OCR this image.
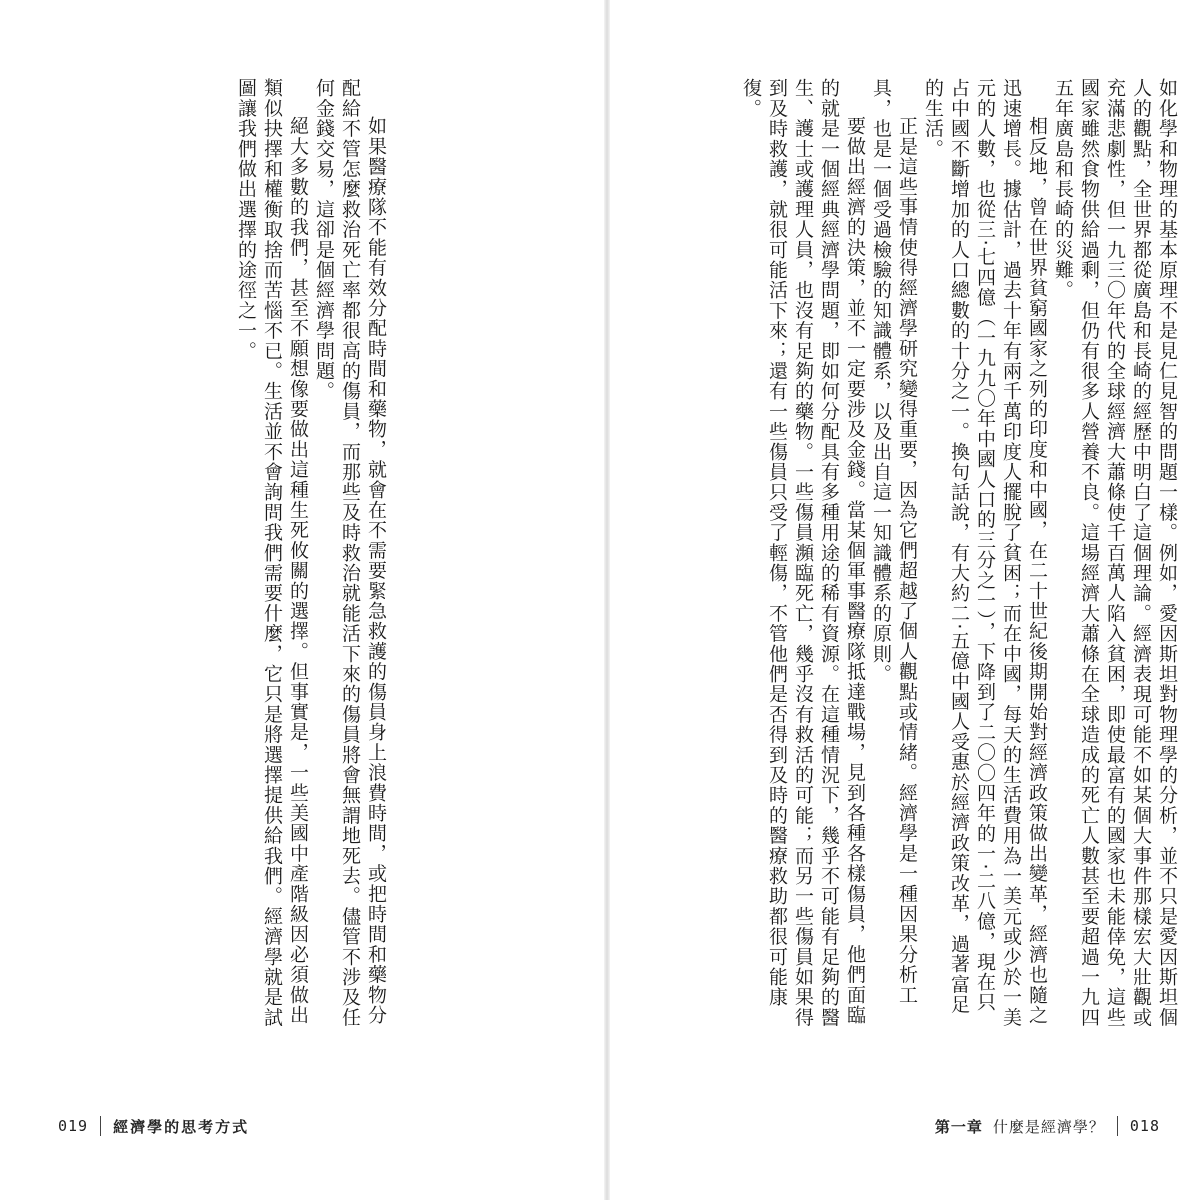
如果醫療隊不能有效分配時間和藥物，就會在不需要緊急救護的傷員身上浪費時間，或把時間和藥物分配給不管怎麼救治死亡率都很高的傷員，而那些及時救治就能活下來的傷員將會無謂地死去。儘管不涉及任何金錢交易，這卻是個經濟學問題。

絕大多數的我們，甚至不願想像要做出這種生死攸關的選擇。但事實是，一些美國中產階級因必須做出類似抉擇和權衡取捨而苦惱不已。生活並不會詢問我們需要什麼，它只是將選擇提供給我們。經濟學就是試圖讓我們做出選擇的途徑之一。

019 經濟學的思考方式

如化學和物理的基本原理不是見仁見智的問題一樣。例如，愛因斯坦對物理學的分析，並不只是愛因斯坦個人的觀點，全世界都從廣島和長崎的經歷中明白了這個理論。經濟表現可能不如某個大事件那樣宏大壯觀或充滿悲劇性，但一九三〇年代的全球經濟大蕭條使千百萬人陷入貧困，即使最富有的國家也未能倖免，這些國家雖然食物供給過剩，但仍有很多人營養不良。這場經濟大蕭條在全球造成的死亡人數甚至要超過一九四五年廣島和長崎的災難。

相反地，曾在世界貧窮國家之列的印度和中國，在二十世紀後期開始對經濟政策做出變革，經濟也隨之迅速增長。據估計，過去十年有兩千萬印度人擺脫了貧困；而在中國，每天的生活費用為一美元或少於一美元的人數，也從三‧七四億（一九九〇年中國人口的三分之一），下降到了二〇〇四年的一‧二八億，現在只占中國不斷增加的人口總數的十分之一。換句話說，有大約二‧五億中國人受惠於經濟政策改革，過著富足的生活。

正是這些事情使得經濟學研究變得重要，因為它們超越了個人觀點或情緒。經濟學是一種因果分析工具，也是一個受過檢驗的知識體系，以及出自這一知識體系的原則。

要做出經濟的決策，並不一定要涉及金錢。當某個軍事醫療隊抵達戰場，見到各種各樣傷員，他們面臨的就是一個經典經濟學問題，即如何分配具有多種用途的稀有資源。在這種情況下，幾乎不可能有足夠的醫生、護士或護理人員，也沒有足夠的藥物。一些傷員瀕臨死亡，幾乎沒有救活的可能；而另一些傷員如果得到及時救護，就很可能活下來；還有一些傷員只受了輕傷，不管他們是否得到及時的醫療救助都很可能康復。

第一章 什麼是經濟學？ 018
